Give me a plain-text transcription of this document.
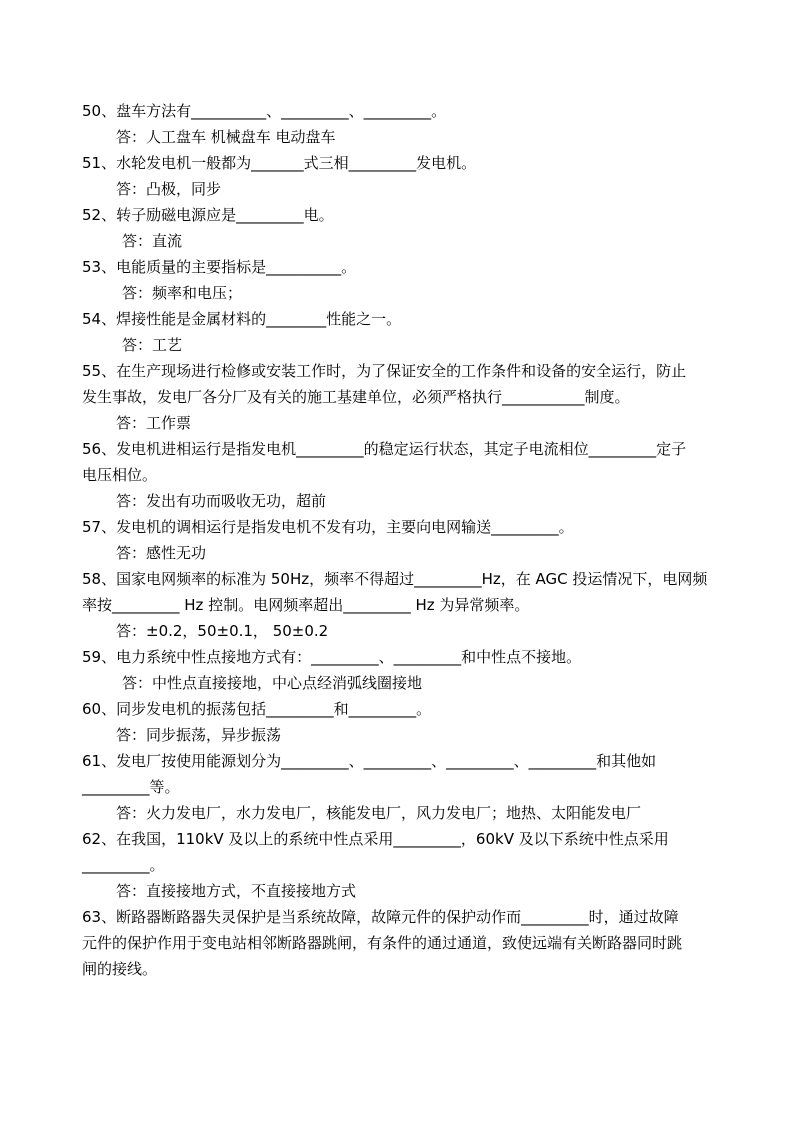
50、盘车方法有__________、_________、_________。
答：人工盘车 机械盘车 电动盘车
51、水轮发电机一般都为_______式三相_________发电机。
答：凸极，同步
52、转子励磁电源应是_________电。
答：直流
53、电能质量的主要指标是__________。
答：频率和电压；
54、焊接性能是金属材料的________性能之一。
答：工艺
55、在生产现场进行检修或安装工作时，为了保证安全的工作条件和设备的安全运行，防止
发生事故，发电厂各分厂及有关的施工基建单位，必须严格执行___________制度。
答：工作票
56、发电机进相运行是指发电机_________的稳定运行状态，其定子电流相位_________定子
电压相位。
答：发出有功而吸收无功，超前
57、发电机的调相运行是指发电机不发有功，主要向电网输送_________。
答：感性无功
58、国家电网频率的标准为 50Hz，频率不得超过_________Hz，在 AGC 投运情况下，电网频
率按_________ Hz 控制。电网频率超出_________ Hz 为异常频率。
答：±0.2，50±0.1， 50±0.2
59、电力系统中性点接地方式有：_________、_________和中性点不接地。
答：中性点直接接地，中心点经消弧线圈接地
60、同步发电机的振荡包括_________和_________。
答：同步振荡，异步振荡
61、发电厂按使用能源划分为_________、_________、_________、_________和其他如
_________等。
答：火力发电厂，水力发电厂，核能发电厂，风力发电厂；地热、太阳能发电厂
62、在我国，110kV 及以上的系统中性点采用_________，60kV 及以下系统中性点采用
_________。
答：直接接地方式，不直接接地方式
63、断路器断路器失灵保护是当系统故障，故障元件的保护动作而_________时，通过故障
元件的保护作用于变电站相邻断路器跳闸，有条件的通过通道，致使远端有关断路器同时跳
闸的接线。
